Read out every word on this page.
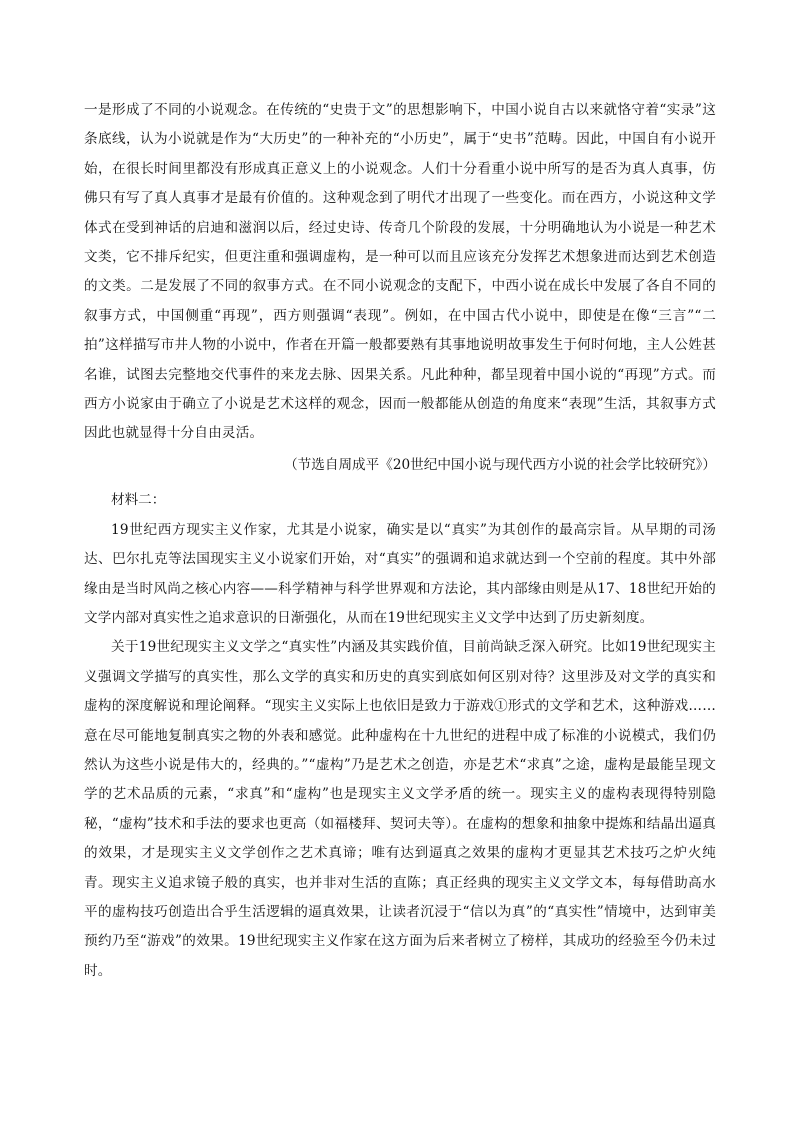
一是形成了不同的小说观念。在传统的“史贵于文”的思想影响下，中国小说自古以来就恪守着“实录”这条底线，认为小说就是作为“大历史”的一种补充的“小历史”，属于“史书”范畴。因此，中国自有小说开始，在很长时间里都没有形成真正意义上的小说观念。人们十分看重小说中所写的是否为真人真事，仿佛只有写了真人真事才是最有价值的。这种观念到了明代才出现了一些变化。而在西方，小说这种文学体式在受到神话的启迪和滋润以后，经过史诗、传奇几个阶段的发展，十分明确地认为小说是一种艺术文类，它不排斥纪实，但更注重和强调虚构，是一种可以而且应该充分发挥艺术想象进而达到艺术创造的文类。二是发展了不同的叙事方式。在不同小说观念的支配下，中西小说在成长中发展了各自不同的叙事方式，中国侧重“再现”，西方则强调“表现”。例如，在中国古代小说中，即使是在像“三言”“二拍”这样描写市井人物的小说中，作者在开篇一般都要熟有其事地说明故事发生于何时何地，主人公姓甚名谁，试图去完整地交代事件的来龙去脉、因果关系。凡此种种，都呈现着中国小说的“再现”方式。而西方小说家由于确立了小说是艺术这样的观念，因而一般都能从创造的角度来“表现”生活，其叙事方式因此也就显得十分自由灵活。

（节选自周成平《20世纪中国小说与现代西方小说的社会学比较研究》）

材料二：

19世纪西方现实主义作家，尤其是小说家，确实是以“真实”为其创作的最高宗旨。从早期的司汤达、巴尔扎克等法国现实主义小说家们开始，对“真实”的强调和追求就达到一个空前的程度。其中外部缘由是当时风尚之核心内容——科学精神与科学世界观和方法论，其内部缘由则是从17、18世纪开始的文学内部对真实性之追求意识的日渐强化，从而在19世纪现实主义文学中达到了历史新刻度。

关于19世纪现实主义文学之“真实性”内涵及其实践价值，目前尚缺乏深入研究。比如19世纪现实主义强调文学描写的真实性，那么文学的真实和历史的真实到底如何区别对待？这里涉及对文学的真实和虚构的深度解说和理论阐释。“现实主义实际上也依旧是致力于游戏①形式的文学和艺术，这种游戏……意在尽可能地复制真实之物的外表和感觉。此种虚构在十九世纪的进程中成了标准的小说模式，我们仍然认为这些小说是伟大的，经典的。”“虚构”乃是艺术之创造，亦是艺术“求真”之途，虚构是最能呈现文学的艺术品质的元素，“求真”和“虚构”也是现实主义文学矛盾的统一。现实主义的虚构表现得特别隐秘，“虚构”技术和手法的要求也更高（如福楼拜、契诃夫等）。在虚构的想象和抽象中提炼和结晶出逼真的效果，才是现实主义文学创作之艺术真谛；唯有达到逼真之效果的虚构才更显其艺术技巧之炉火纯青。现实主义追求镜子般的真实，也并非对生活的直陈；真正经典的现实主义文学文本，每每借助高水平的虚构技巧创造出合乎生活逻辑的逼真效果，让读者沉浸于“信以为真”的“真实性”情境中，达到审美预约乃至“游戏”的效果。19世纪现实主义作家在这方面为后来者树立了榜样，其成功的经验至今仍未过时。
